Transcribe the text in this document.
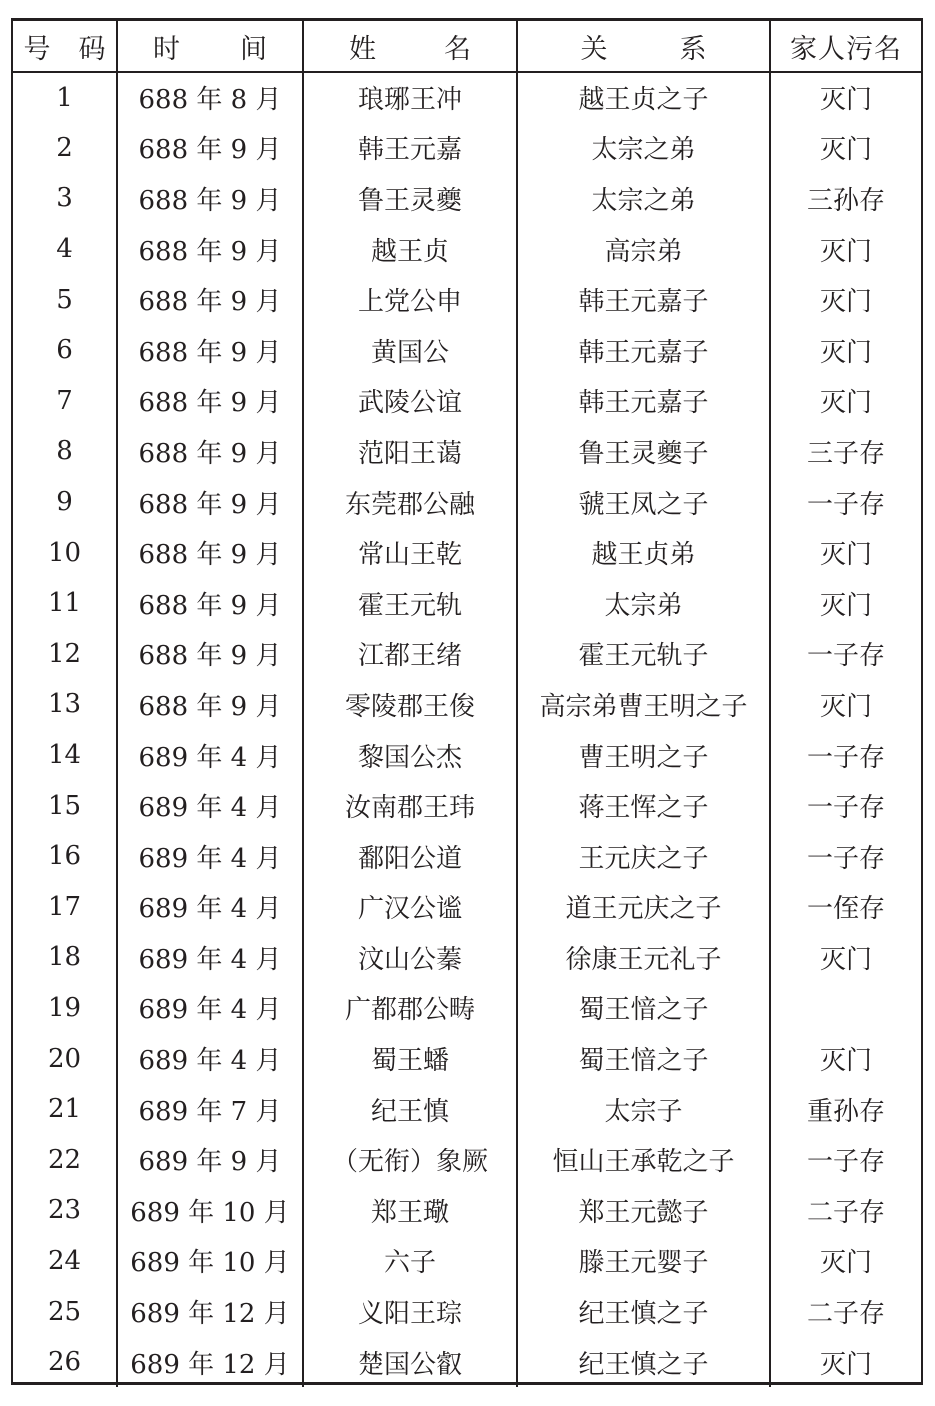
号 码	时 间	姓 名	关 系	家人污名
1	688 年 8 月	琅琊王冲	越王贞之子	灭门
2	688 年 9 月	韩王元嘉	太宗之弟	灭门
3	688 年 9 月	鲁王灵夔	太宗之弟	三孙存
4	688 年 9 月	越王贞	高宗弟	灭门
5	688 年 9 月	上党公申	韩王元嘉子	灭门
6	688 年 9 月	黄国公	韩王元嘉子	灭门
7	688 年 9 月	武陵公谊	韩王元嘉子	灭门
8	688 年 9 月	范阳王蔼	鲁王灵夔子	三子存
9	688 年 9 月	东莞郡公融	虢王凤之子	一子存
10	688 年 9 月	常山王乾	越王贞弟	灭门
11	688 年 9 月	霍王元轨	太宗弟	灭门
12	688 年 9 月	江都王绪	霍王元轨子	一子存
13	688 年 9 月	零陵郡王俊	高宗弟曹王明之子	灭门
14	689 年 4 月	黎国公杰	曹王明之子	一子存
15	689 年 4 月	汝南郡王玮	蒋王恽之子	一子存
16	689 年 4 月	鄱阳公道	王元庆之子	一子存
17	689 年 4 月	广汉公谧	道王元庆之子	一侄存
18	689 年 4 月	汶山公蓁	徐康王元礼子	灭门
19	689 年 4 月	广都郡公畴	蜀王愔之子	
20	689 年 4 月	蜀王蟠	蜀王愔之子	灭门
21	689 年 7 月	纪王慎	太宗子	重孙存
22	689 年 9 月	（无衔）象厥	恒山王承乾之子	一子存
23	689 年 10 月	郑王璥	郑王元懿子	二子存
24	689 年 10 月	六子	滕王元婴子	灭门
25	689 年 12 月	义阳王琮	纪王慎之子	二子存
26	689 年 12 月	楚国公叡	纪王慎之子	灭门
